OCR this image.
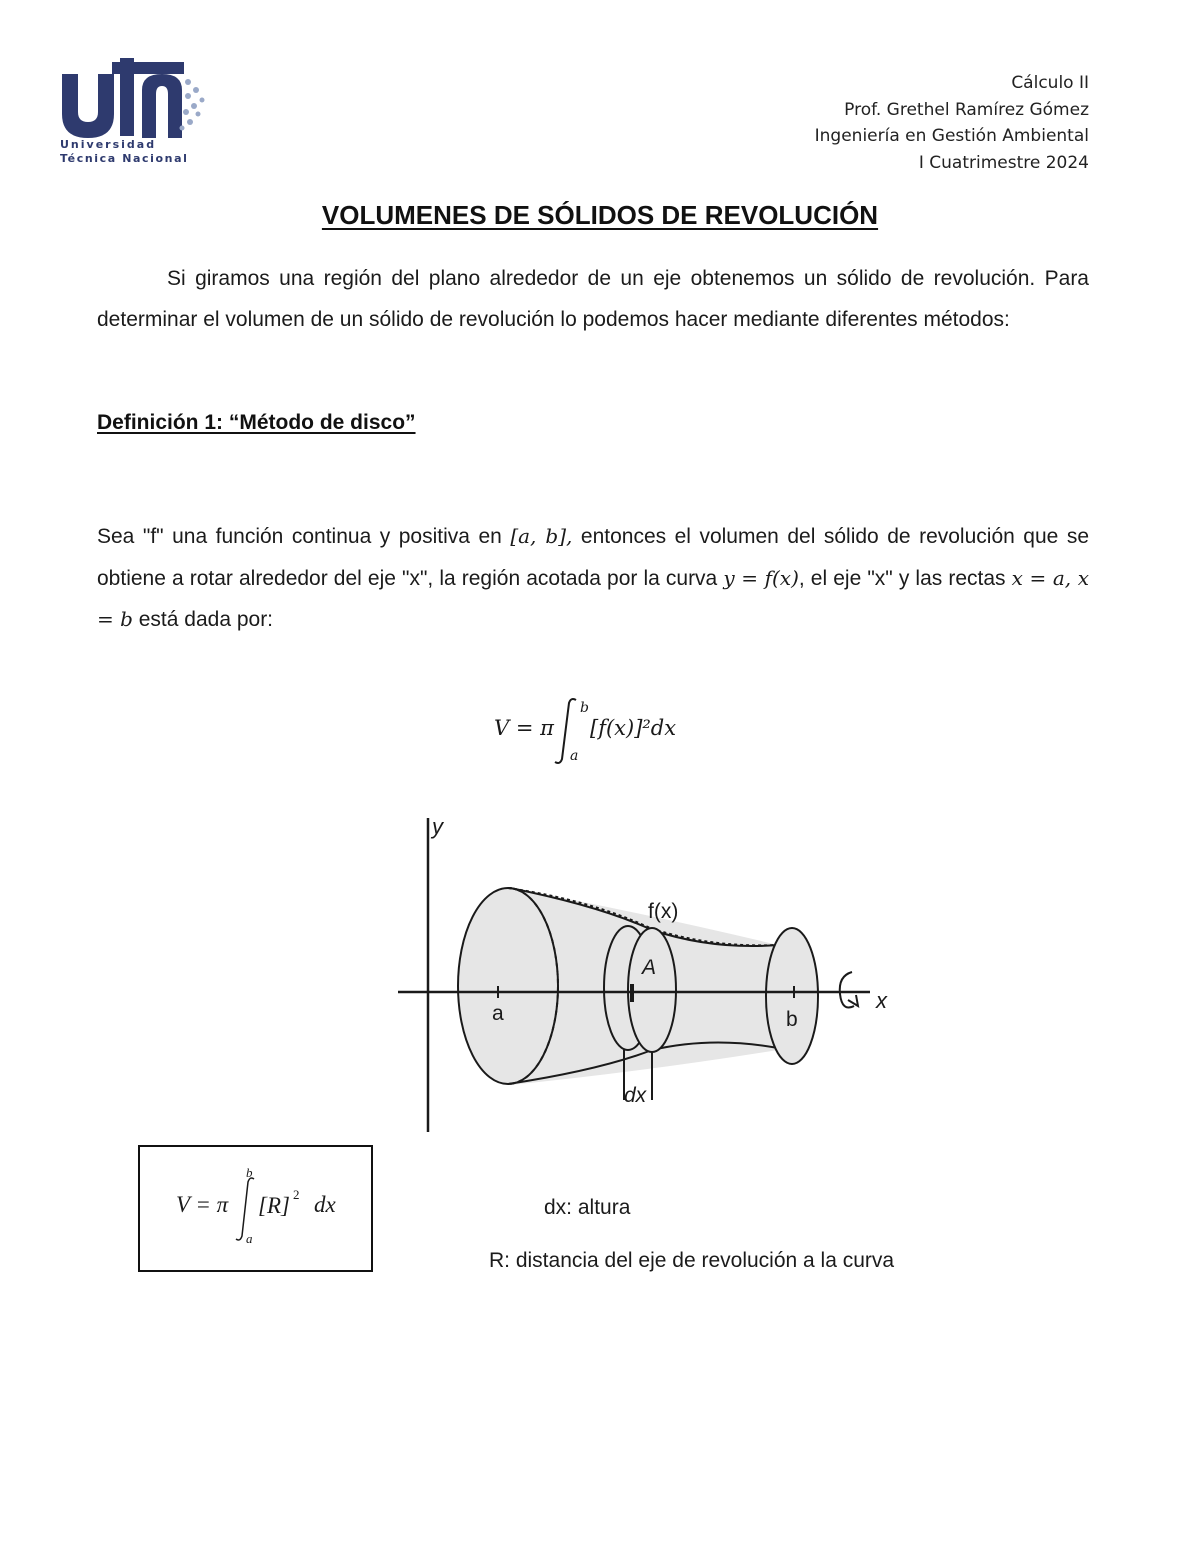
Universidad
Técnica Nacional
Cálculo II
Prof. Grethel Ramírez Gómez
Ingeniería en Gestión Ambiental
I Cuatrimestre 2024
VOLUMENES DE SÓLIDOS DE REVOLUCIÓN
Si giramos una región del plano alrededor de un eje obtenemos un sólido de revolución. Para determinar el volumen de un sólido de revolución lo podemos hacer mediante diferentes métodos:
Definición 1: “Método de disco”
Sea "f" una función continua y positiva en [a, b], entonces el volumen del sólido de revolución que se obtiene a rotar alrededor del eje "x", la región acotada por la curva y = f(x), el eje "x" y las rectas x = a, x = b está dada por:
V = π
b
a
[f(x)]²dx
y
x
f(x)
A
a	b
dx
V = π
b
a
[R] 2 dx	dx: altura
R: distancia del eje de revolución a la curva
